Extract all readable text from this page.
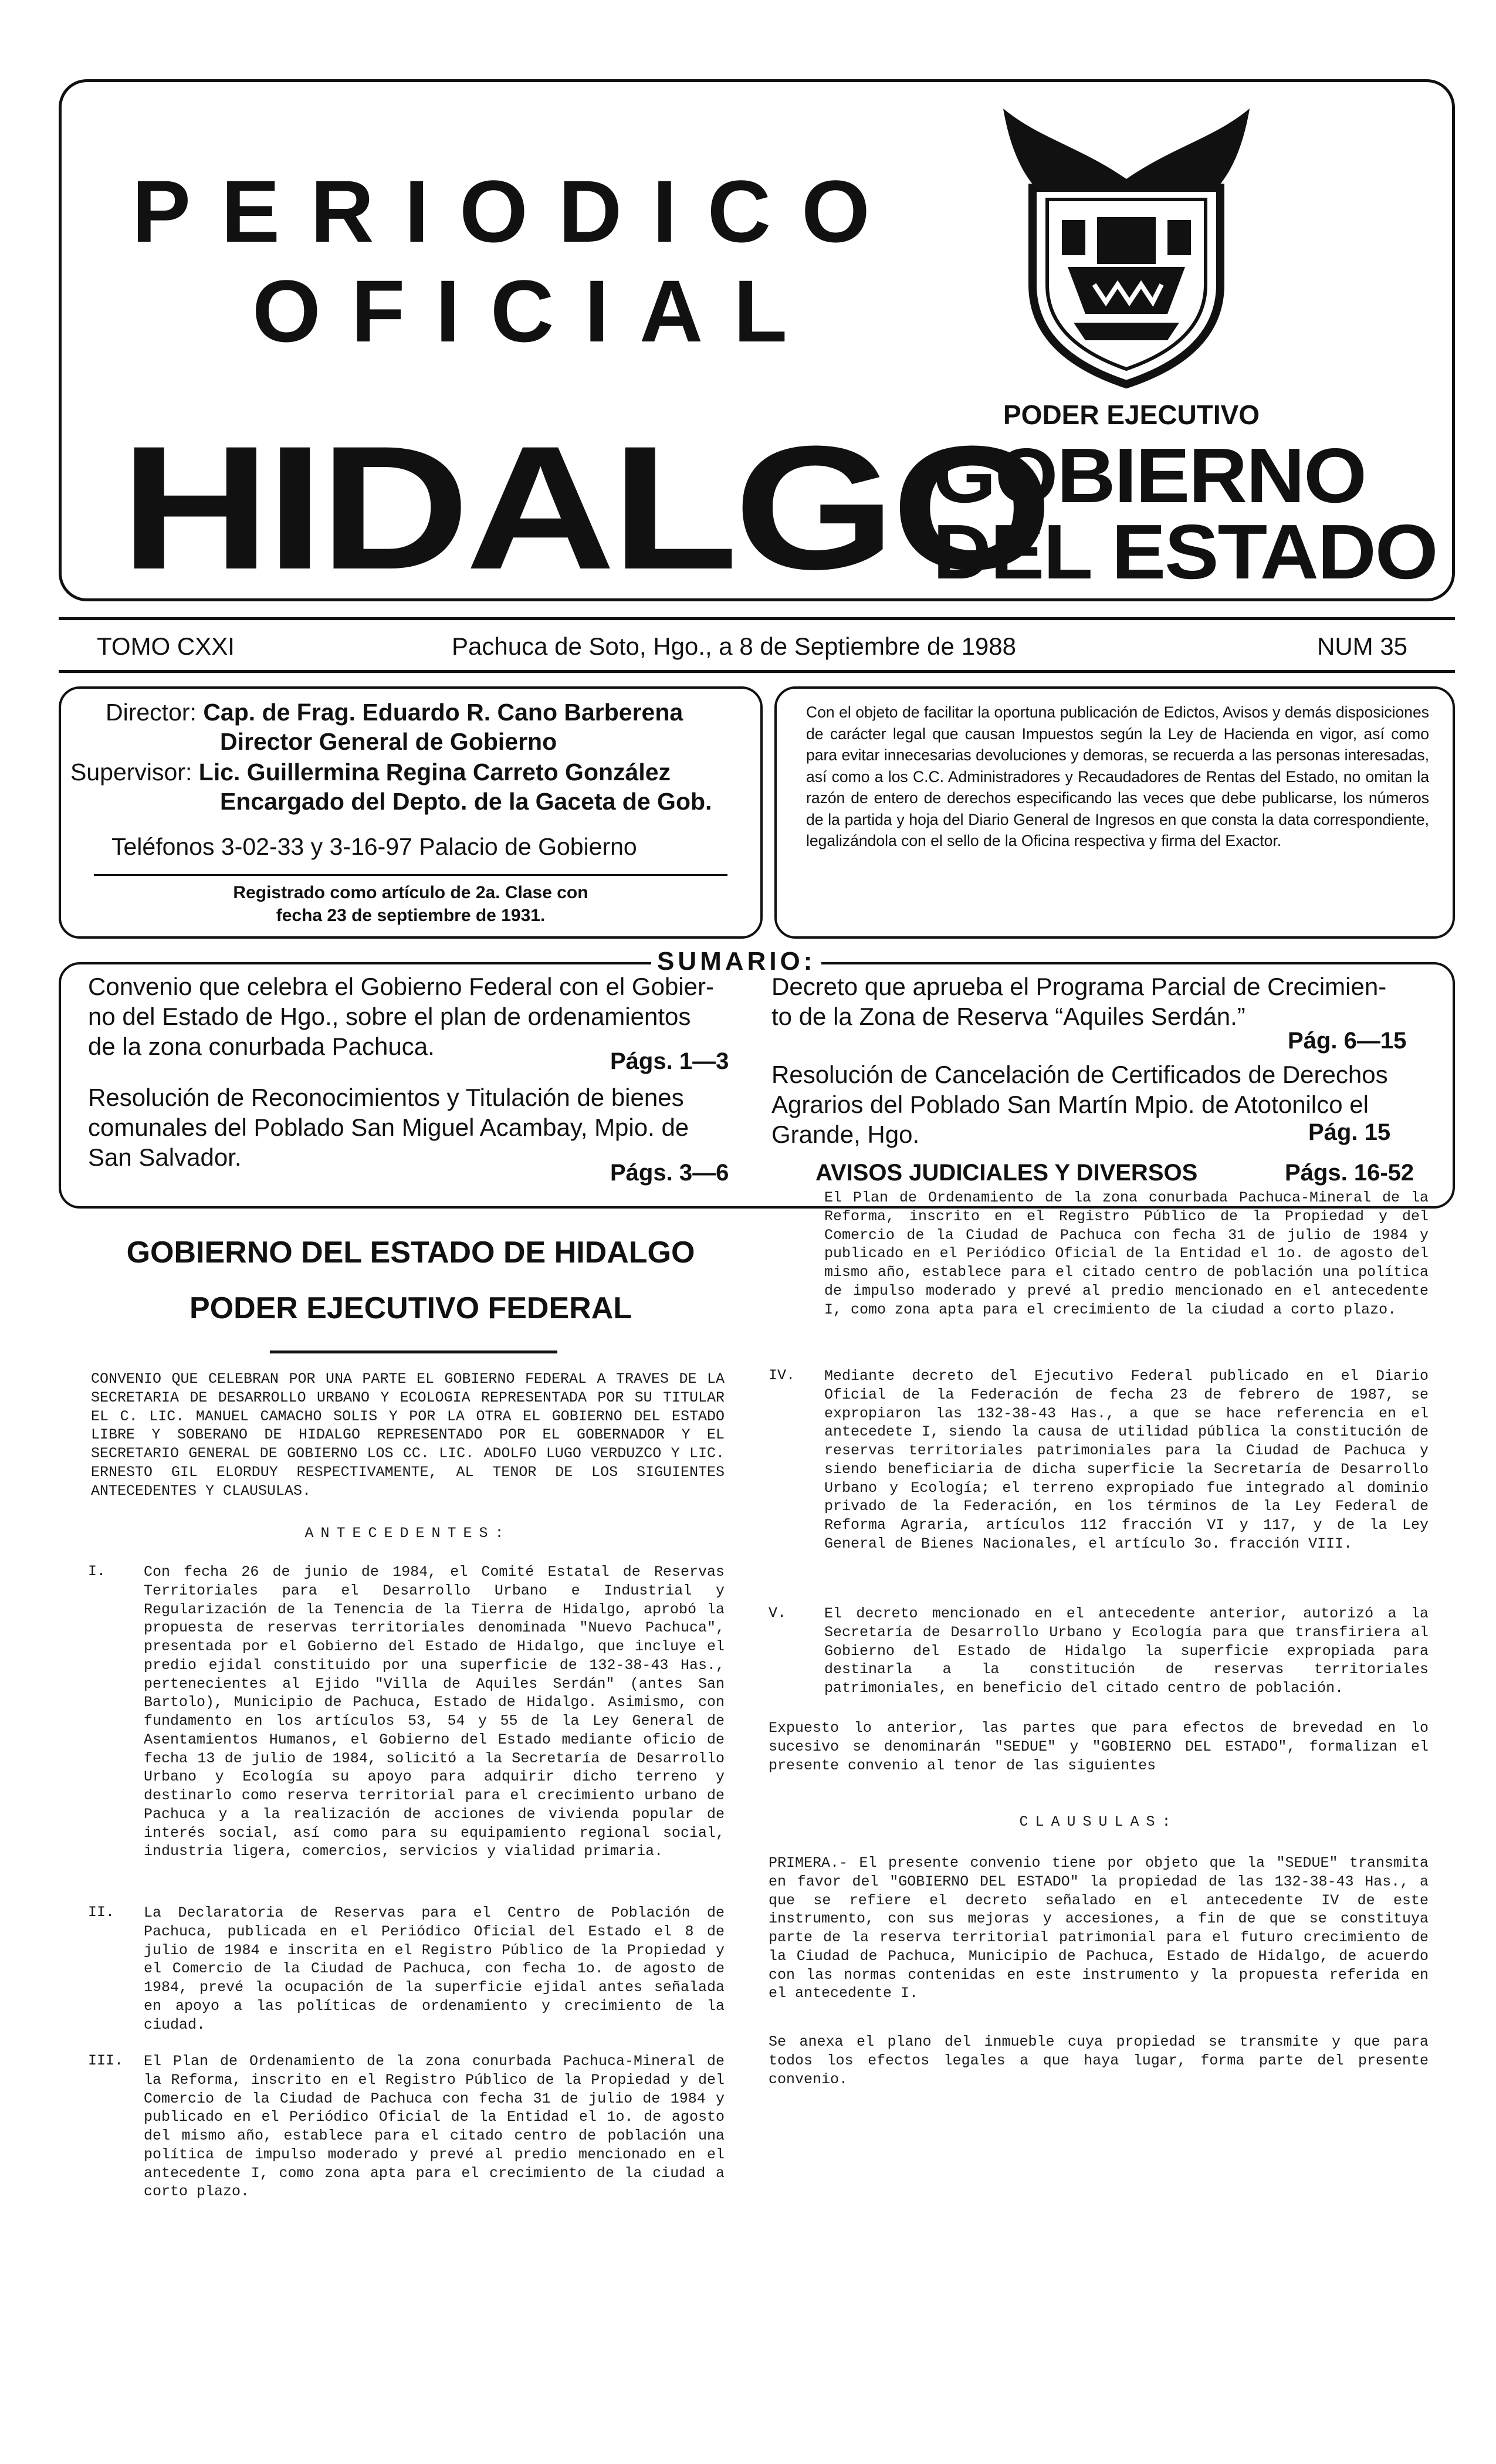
PERIODICO
OFICIAL
HIDALGO
PODER EJECUTIVO
GOBIERNO
DEL ESTADO
TOMO CXXI	Pachuca de Soto, Hgo., a 8 de Septiembre de 1988	NUM 35
Director: Cap. de Frag. Eduardo R. Cano Barberena
Director General de Gobierno
Supervisor: Lic. Guillermina Regina Carreto González
Encargado del Depto. de la Gaceta de Gob.
Teléfonos 3-02-33 y 3-16-97 Palacio de Gobierno
Registrado como artículo de 2a. Clase con
fecha 23 de septiembre de 1931.
Con el objeto de facilitar la oportuna publicación de Edictos, Avisos y demás disposiciones de carácter legal que causan Impuestos según la Ley de Hacienda en vigor, así como para evitar innecesarias devoluciones y demoras, se recuerda a las personas interesadas, así como a los C.C. Administradores y Recaudadores de Rentas del Estado, no omitan la razón de entero de derechos especificando las veces que debe publicarse, los números de la partida y hoja del Diario General de Ingresos en que consta la data correspondiente, legalizándola con el sello de la Oficina respectiva y firma del Exactor.
SUMARIO:
Convenio que celebra el Gobierno Federal con el Gobier-
no del Estado de Hgo., sobre el plan de ordenamientos
de la zona conurbada Pachuca.
Págs. 1—3
Resolución de Reconocimientos y Titulación de bienes
comunales del Poblado San Miguel Acambay, Mpio. de
San Salvador.
Págs. 3—6
Decreto que aprueba el Programa Parcial de Crecimien-
to de la Zona de Reserva “Aquiles Serdán.”
Pág. 6—15
Resolución de Cancelación de Certificados de Derechos
Agrarios del Poblado San Martín Mpio. de Atotonilco el
Grande, Hgo.	Pág. 15
AVISOS JUDICIALES Y DIVERSOS	Págs. 16-52
GOBIERNO DEL ESTADO DE HIDALGO
PODER EJECUTIVO FEDERAL
CONVENIO QUE CELEBRAN POR UNA PARTE EL GOBIERNO FEDERAL A TRAVES DE LA SECRETARIA DE DESARROLLO URBANO Y ECOLOGIA REPRESENTADA POR SU TITULAR EL C. LIC. MANUEL CAMACHO SOLIS Y POR LA OTRA EL GOBIERNO DEL ESTADO LIBRE Y SOBERANO DE HIDALGO REPRESENTADO POR EL GOBERNADOR Y EL SECRETARIO GENERAL DE GOBIERNO LOS CC. LIC. ADOLFO LUGO VERDUZCO Y LIC. ERNESTO GIL ELORDUY RESPECTIVAMENTE, AL TENOR DE LOS SIGUIENTES ANTECEDENTES Y CLAUSULAS.
ANTECEDENTES:
I.	Con fecha 26 de junio de 1984, el Comité Estatal de Reservas Territoriales para el Desarrollo Urbano e Industrial y Regularización de la Tenencia de la Tierra de Hidalgo, aprobó la propuesta de reservas territoriales denominada "Nuevo Pachuca", presentada por el Gobierno del Estado de Hidalgo, que incluye el predio ejidal constituido por una superficie de 132-38-43 Has., pertenecientes al Ejido "Villa de Aquiles Serdán" (antes San Bartolo), Municipio de Pachuca, Estado de Hidalgo. Asimismo, con fundamento en los artículos 53, 54 y 55 de la Ley General de Asentamientos Humanos, el Gobierno del Estado mediante oficio de fecha 13 de julio de 1984, solicitó a la Secretaría de Desarrollo Urbano y Ecología su apoyo para adquirir dicho terreno y destinarlo como reserva territorial para el crecimiento urbano de Pachuca y a la realización de acciones de vivienda popular de interés social, así como para su equipamiento regional social, industria ligera, comercios, servicios y vialidad primaria.
II. La Declaratoria de Reservas para el Centro de Población de Pachuca, publicada en el Periódico Oficial del Estado el 8 de julio de 1984 e inscrita en el Registro Público de la Propiedad y el Comercio de la Ciudad de Pachuca, con fecha 1o. de agosto de 1984, prevé la ocupación de la superficie ejidal antes señalada en apoyo a las políticas de ordenamiento y crecimiento de la ciudad.
III. El Plan de Ordenamiento de la zona conurbada Pachuca-Mineral de la Reforma, inscrito en el Registro Público de la Propiedad y del Comercio de la Ciudad de Pachuca con fecha 31 de julio de 1984 y publicado en el Periódico Oficial de la Entidad el 1o. de agosto del mismo año, establece para el citado centro de población una política de impulso moderado y prevé al predio mencionado en el antecedente I, como zona apta para el crecimiento de la ciudad a corto plazo.
El Plan de Ordenamiento de la zona conurbada Pachuca-Mineral de la Reforma, inscrito en el Registro Público de la Propiedad y del Comercio de la Ciudad de Pachuca con fecha 31 de julio de 1984 y publicado en el Periódico Oficial de la Entidad el 1o. de agosto del mismo año, establece para el citado centro de población una política de impulso moderado y prevé al predio mencionado en el antecedente I, como zona apta para el crecimiento de la ciudad a corto plazo.
IV. Mediante decreto del Ejecutivo Federal publicado en el Diario Oficial de la Federación de fecha 23 de febrero de 1987, se expropiaron las 132-38-43 Has., a que se hace referencia en el antecedete I, siendo la causa de utilidad pública la constitución de reservas territoriales patrimoniales para la Ciudad de Pachuca y siendo beneficiaria de dicha superficie la Secretaría de Desarrollo Urbano y Ecología; el terreno expropiado fue integrado al dominio privado de la Federación, en los términos de la Ley Federal de Reforma Agraria, artículos 112 fracción VI y 117, y de la Ley General de Bienes Nacionales, el artículo 3o. fracción VIII.
V.	El decreto mencionado en el antecedente anterior, autorizó a la Secretaría de Desarrollo Urbano y Ecología para que transfiriera al Gobierno del Estado de Hidalgo la superficie expropiada para destinarla a la constitución de reservas territoriales patrimoniales, en beneficio del citado centro de población.
Expuesto lo anterior, las partes que para efectos de brevedad en lo sucesivo se denominarán "SEDUE" y "GOBIERNO DEL ESTADO", formalizan el presente convenio al tenor de las siguientes
CLAUSULAS:
PRIMERA.- El presente convenio tiene por objeto que la "SEDUE" transmita en favor del "GOBIERNO DEL ESTADO" la propiedad de las 132-38-43 Has., a que se refiere el decreto señalado en el antecedente IV de este instrumento, con sus mejoras y accesiones, a fin de que se constituya parte de la reserva territorial patrimonial para el futuro crecimiento de la Ciudad de Pachuca, Municipio de Pachuca, Estado de Hidalgo, de acuerdo con las normas contenidas en este instrumento y la propuesta referida en el antecedente I.
Se anexa el plano del inmueble cuya propiedad se transmite y que para todos los efectos legales a que haya lugar, forma parte del presente convenio.
